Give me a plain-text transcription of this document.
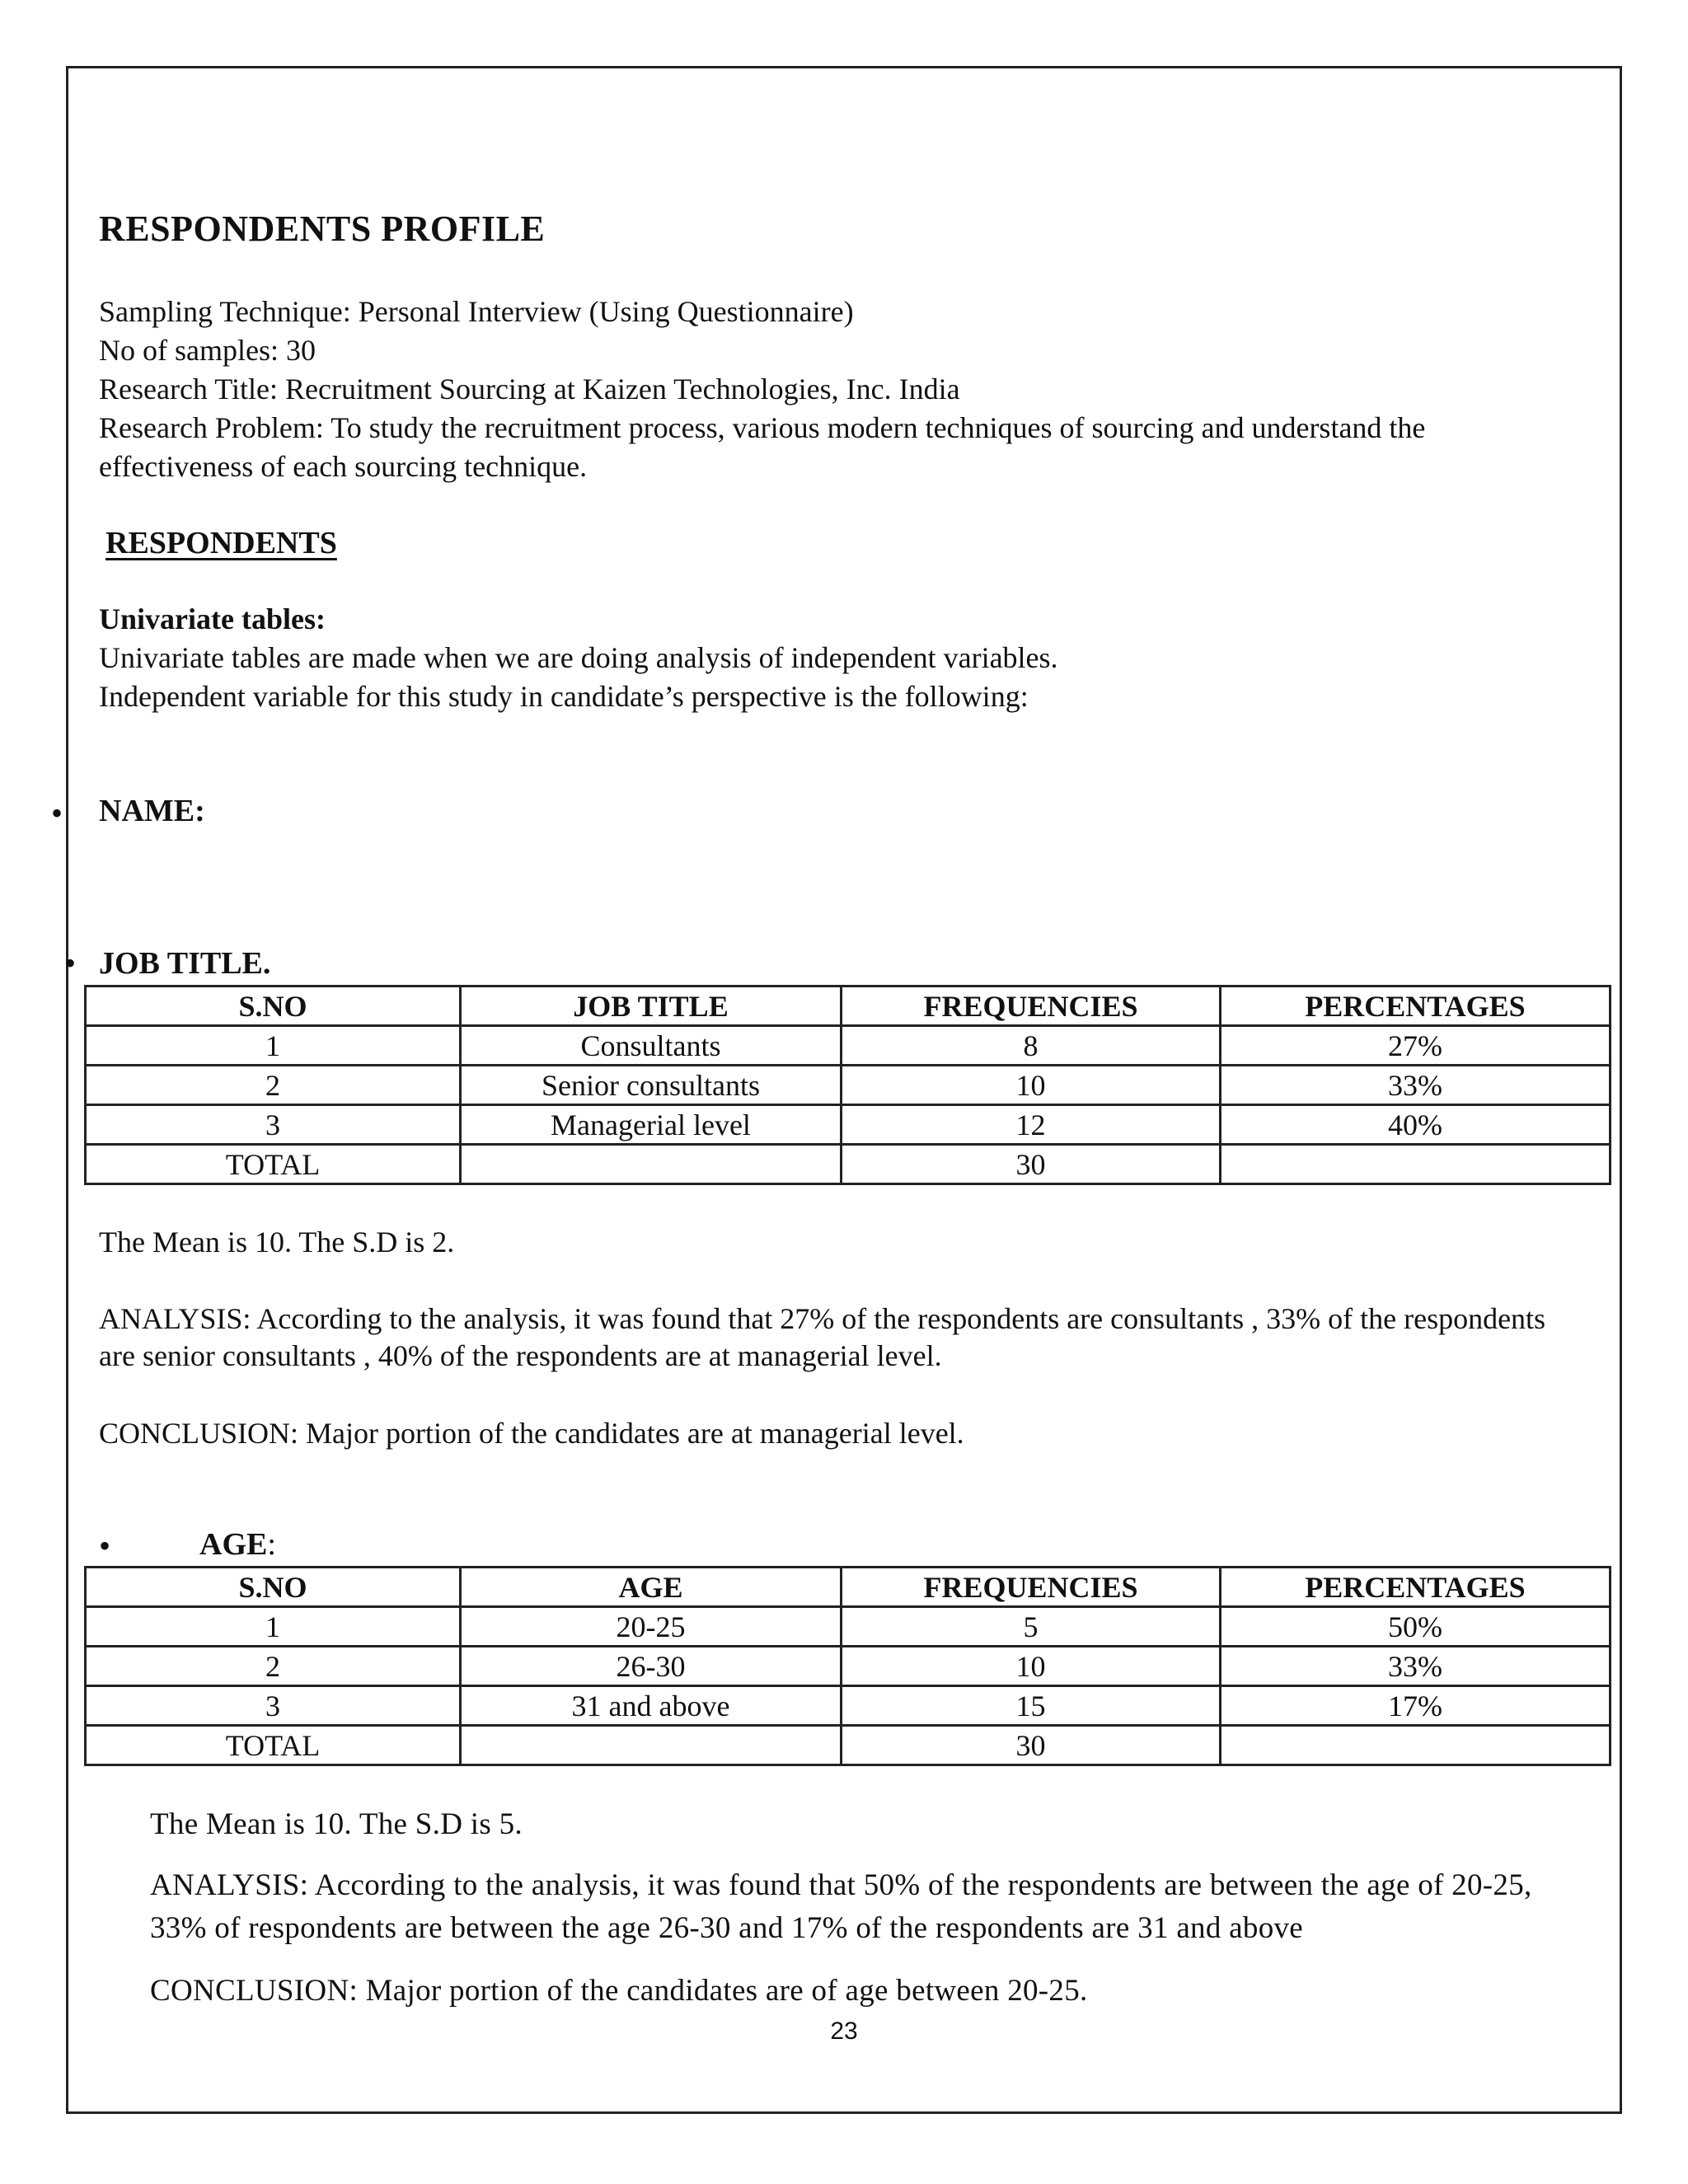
RESPONDENTS PROFILE
Sampling Technique: Personal Interview (Using Questionnaire)
No of samples: 30
Research Title: Recruitment Sourcing at Kaizen Technologies, Inc. India
Research Problem: To study the recruitment process, various modern techniques of sourcing and understand the effectiveness of each sourcing technique.
RESPONDENTS
Univariate tables:
Univariate tables are made when we are doing analysis of independent variables.
Independent variable for this study in candidate’s perspective is the following:
• NAME:
• JOB TITLE.
S.NO	JOB TITLE	FREQUENCIES	PERCENTAGES
1	Consultants	8	27%
2	Senior consultants	10	33%
3	Managerial level	12	40%
TOTAL		30	
The Mean is 10. The S.D is 2.
ANALYSIS: According to the analysis, it was found that 27% of the respondents are consultants , 33% of the respondents are senior consultants , 40% of the respondents are at managerial level.
CONCLUSION: Major portion of the candidates are at managerial level.
•	AGE:
S.NO	AGE	FREQUENCIES	PERCENTAGES
1	20-25	5	50%
2	26-30	10	33%
3	31 and above	15	17%
TOTAL		30	
The Mean is 10. The S.D is 5.
ANALYSIS: According to the analysis, it was found that 50% of the respondents are between the age of 20-25, 33% of respondents are between the age 26-30 and 17% of the respondents are 31 and above
CONCLUSION: Major portion of the candidates are of age between 20-25.
23
